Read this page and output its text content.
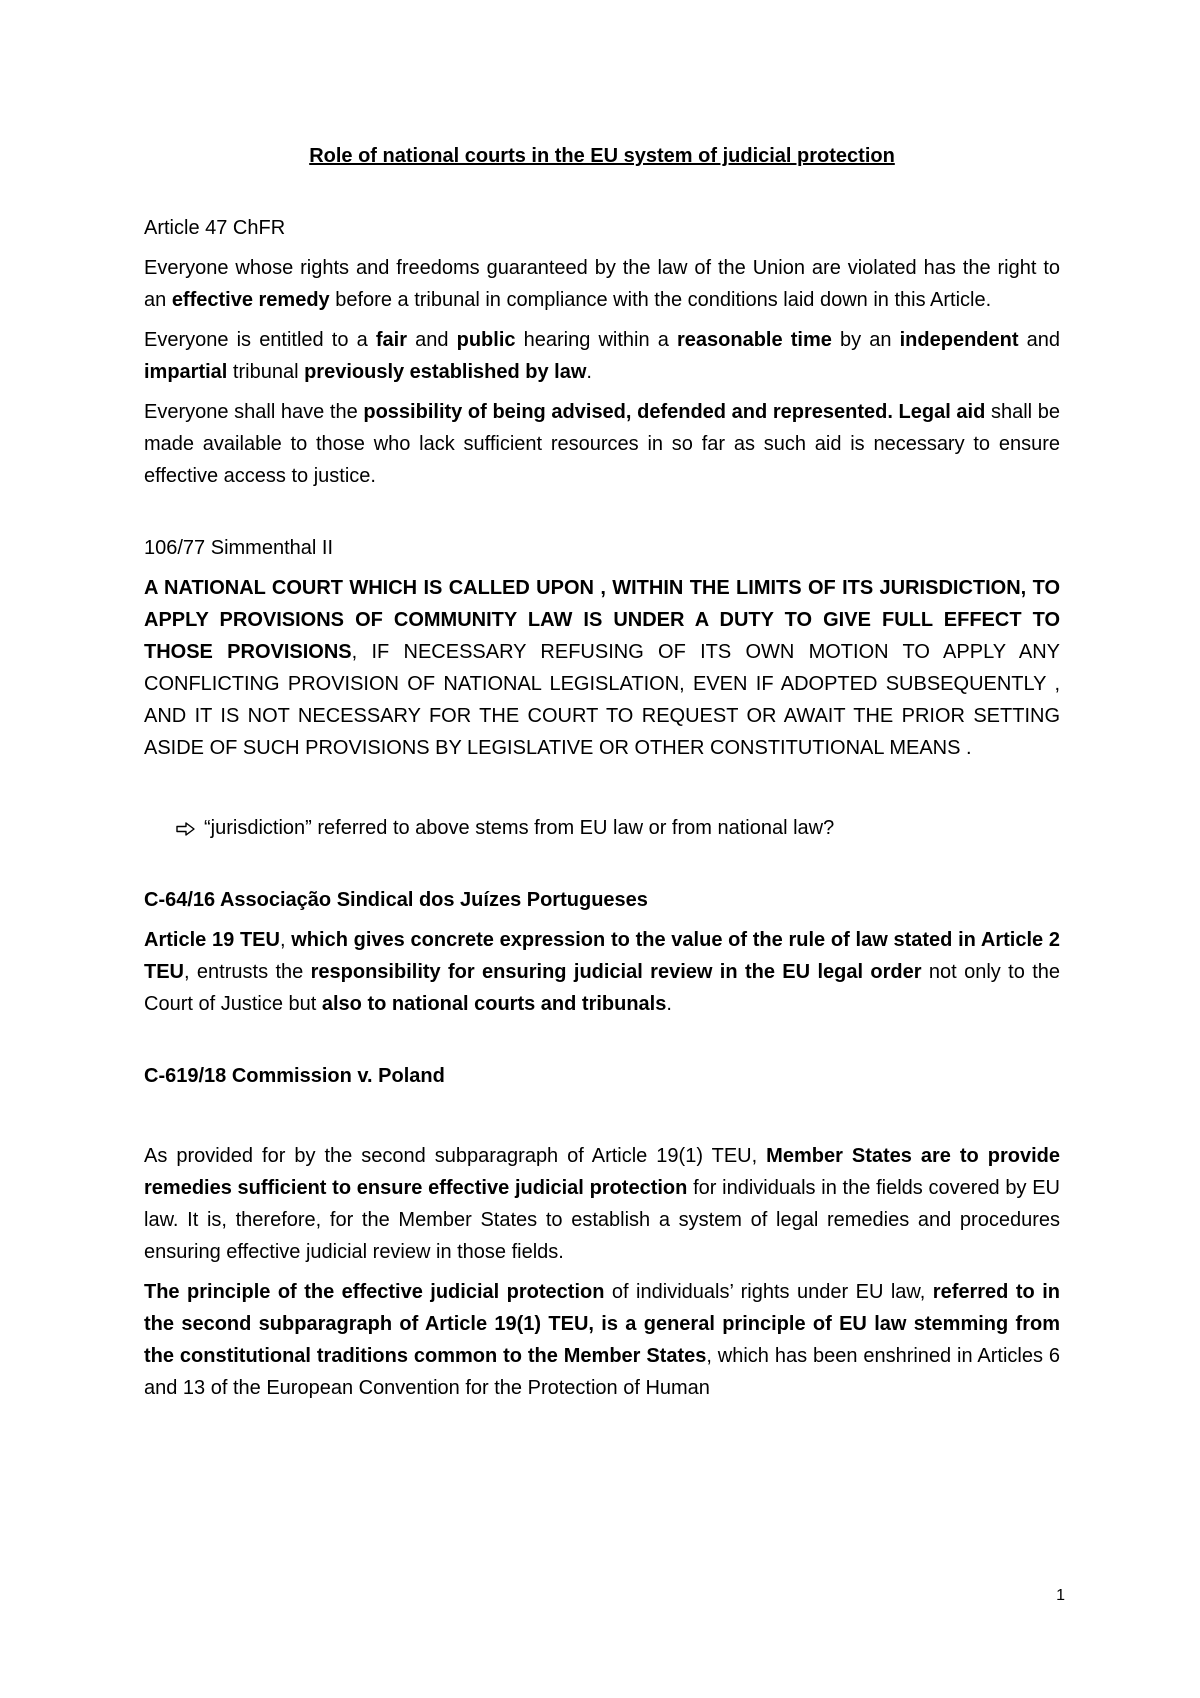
Role of national courts in the EU system of judicial protection
Article 47 ChFR

Everyone whose rights and freedoms guaranteed by the law of the Union are violated has the right to an effective remedy before a tribunal in compliance with the conditions laid down in this Article.

Everyone is entitled to a fair and public hearing within a reasonable time by an independent and impartial tribunal previously established by law.

Everyone shall have the possibility of being advised, defended and represented. Legal aid shall be made available to those who lack sufficient resources in so far as such aid is necessary to ensure effective access to justice.

106/77 Simmenthal II

A NATIONAL COURT WHICH IS CALLED UPON , WITHIN THE LIMITS OF ITS JURISDICTION, TO APPLY PROVISIONS OF COMMUNITY LAW IS UNDER A DUTY TO GIVE FULL EFFECT TO THOSE PROVISIONS, IF NECESSARY REFUSING OF ITS OWN MOTION TO APPLY ANY CONFLICTING PROVISION OF NATIONAL LEGISLATION, EVEN IF ADOPTED SUBSEQUENTLY , AND IT IS NOT NECESSARY FOR THE COURT TO REQUEST OR AWAIT THE PRIOR SETTING ASIDE OF SUCH PROVISIONS BY LEGISLATIVE OR OTHER CONSTITUTIONAL MEANS .

“jurisdiction” referred to above stems from EU law or from national law?
C-64/16 Associação Sindical dos Juízes Portugueses

Article 19 TEU, which gives concrete expression to the value of the rule of law stated in Article 2 TEU, entrusts the responsibility for ensuring judicial review in the EU legal order not only to the Court of Justice but also to national courts and tribunals.

C-619/18 Commission v. Poland

As provided for by the second subparagraph of Article 19(1) TEU, Member States are to provide remedies sufficient to ensure effective judicial protection for individuals in the fields covered by EU law. It is, therefore, for the Member States to establish a system of legal remedies and procedures ensuring effective judicial review in those fields.

The principle of the effective judicial protection of individuals’ rights under EU law, referred to in the second subparagraph of Article 19(1) TEU, is a general principle of EU law stemming from the constitutional traditions common to the Member States, which has been enshrined in Articles 6 and 13 of the European Convention for the Protection of Human

1
